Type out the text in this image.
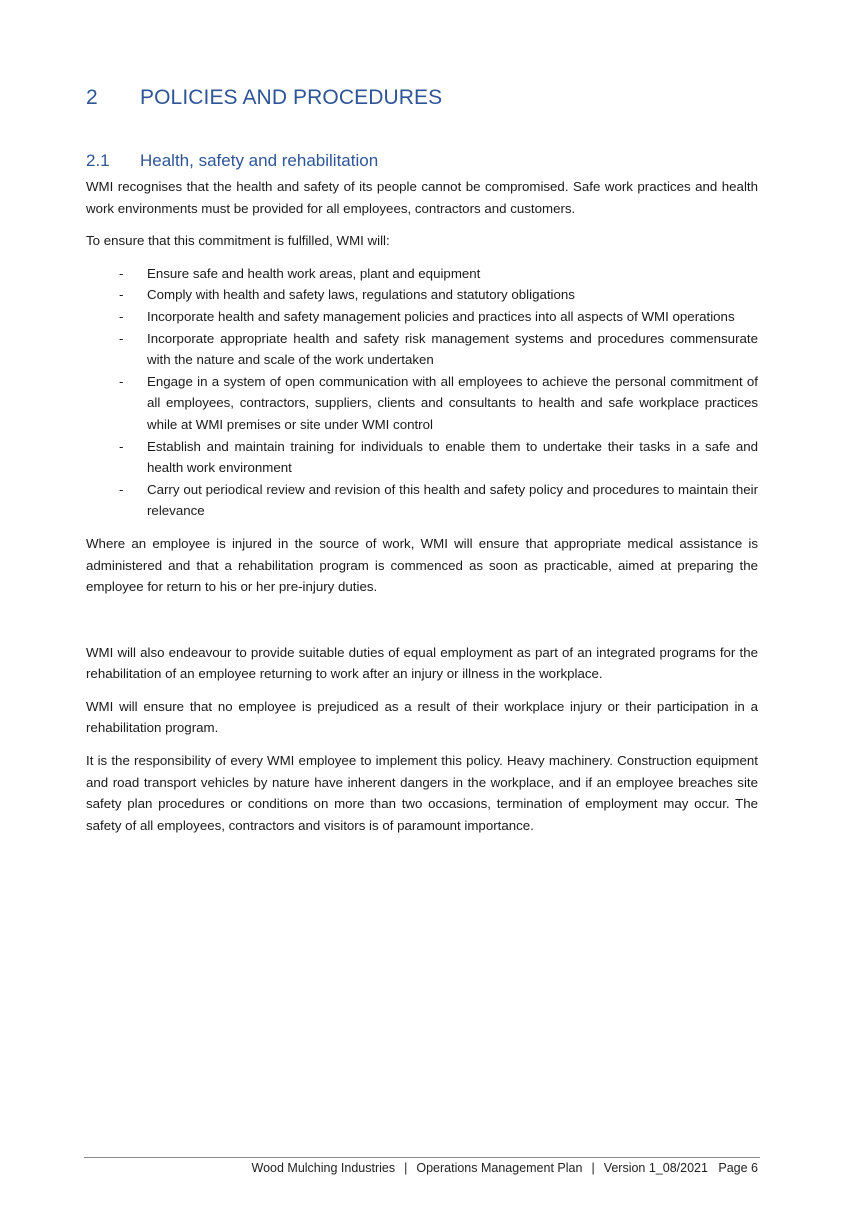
2 POLICIES AND PROCEDURES
2.1 Health, safety and rehabilitation

WMI recognises that the health and safety of its people cannot be compromised. Safe work practices and health work environments must be provided for all employees, contractors and customers.

To ensure that this commitment is fulfilled, WMI will:

- Ensure safe and health work areas, plant and equipment
- Comply with health and safety laws, regulations and statutory obligations
- Incorporate health and safety management policies and practices into all aspects of WMI operations
- Incorporate appropriate health and safety risk management systems and procedures commensurate with the nature and scale of the work undertaken
- Engage in a system of open communication with all employees to achieve the personal commitment of all employees, contractors, suppliers, clients and consultants to health and safe workplace practices while at WMI premises or site under WMI control
- Establish and maintain training for individuals to enable them to undertake their tasks in a safe and health work environment
- Carry out periodical review and revision of this health and safety policy and procedures to maintain their relevance

Where an employee is injured in the source of work, WMI will ensure that appropriate medical assistance is administered and that a rehabilitation program is commenced as soon as practicable, aimed at preparing the employee for return to his or her pre-injury duties.

WMI will also endeavour to provide suitable duties of equal employment as part of an integrated programs for the rehabilitation of an employee returning to work after an injury or illness in the workplace.

WMI will ensure that no employee is prejudiced as a result of their workplace injury or their participation in a rehabilitation program.

It is the responsibility of every WMI employee to implement this policy. Heavy machinery. Construction equipment and road transport vehicles by nature have inherent dangers in the workplace, and if an employee breaches site safety plan procedures or conditions on more than two occasions, termination of employment may occur. The safety of all employees, contractors and visitors is of paramount importance.

Wood Mulching Industries | Operations Management Plan | Version 1_08/2021 Page 6
